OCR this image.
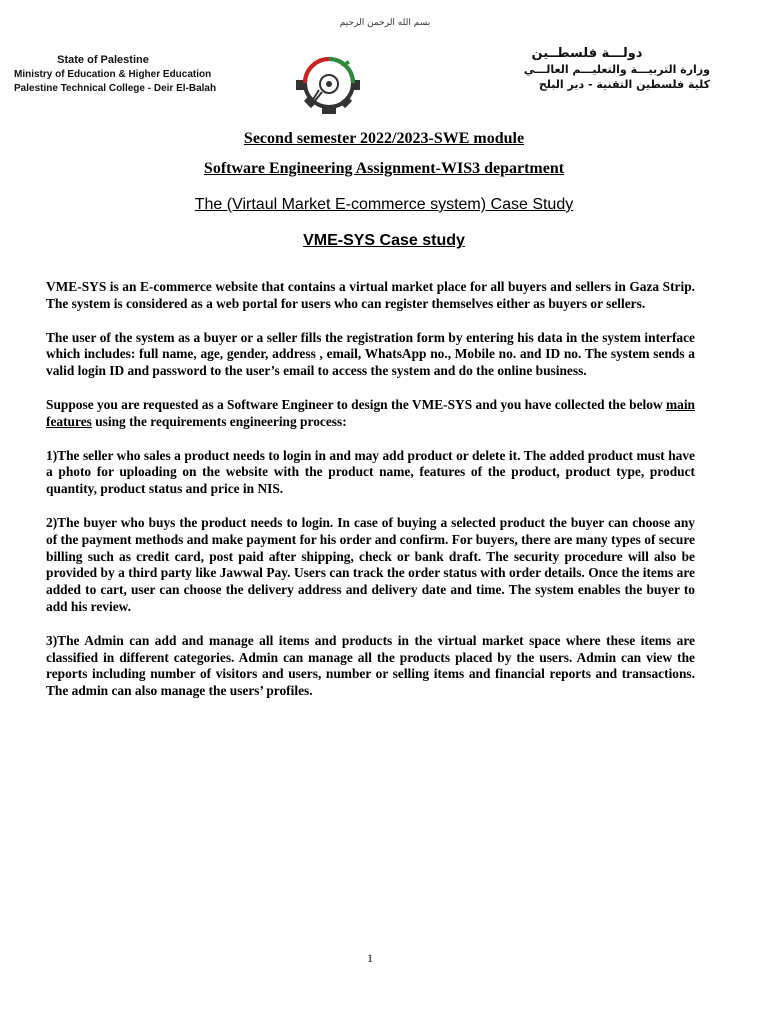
بسم الله الرحمن الرحيم
State of Palestine
Ministry of Education & Higher Education
Palestine Technical College - Deir El-Balah
دولـــة فلسطــين
وزارة التربيـــة والتعليـــم العالـــي
كلية فلسطين التقنية - دير البلح
Second semester 2022/2023-SWE module
Software Engineering Assignment-WIS3 department
The (Virtaul Market E-commerce system) Case Study
VME-SYS Case study

VME-SYS is an E-commerce website that contains a virtual market place for all buyers and sellers in Gaza Strip. The system is considered as a web portal for users who can register themselves either as buyers or sellers.

The user of the system as a buyer or a seller fills the registration form by entering his data in the system interface which includes: full name, age, gender, address , email, WhatsApp no., Mobile no. and ID no. The system sends a valid login ID and password to the user’s email to access the system and do the online business.

Suppose you are requested as a Software Engineer to design the VME-SYS and you have collected the below main features using the requirements engineering process:

1)The seller who sales a product needs to login in and may add product or delete it. The added product must have a photo for uploading on the website with the product name, features of the product, product type, product quantity, product status and price in NIS.

2)The buyer who buys the product needs to login. In case of buying a selected product the buyer can choose any of the payment methods and make payment for his order and confirm. For buyers, there are many types of secure billing such as credit card, post paid after shipping, check or bank draft. The security procedure will also be provided by a third party like Jawwal Pay. Users can track the order status with order details. Once the items are added to cart, user can choose the delivery address and delivery date and time. The system enables the buyer to add his review.

3)The Admin can add and manage all items and products in the virtual market space where these items are classified in different categories. Admin can manage all the products placed by the users. Admin can view the reports including number of visitors and users, number or selling items and financial reports and transactions. The admin can also manage the users’ profiles.

1
